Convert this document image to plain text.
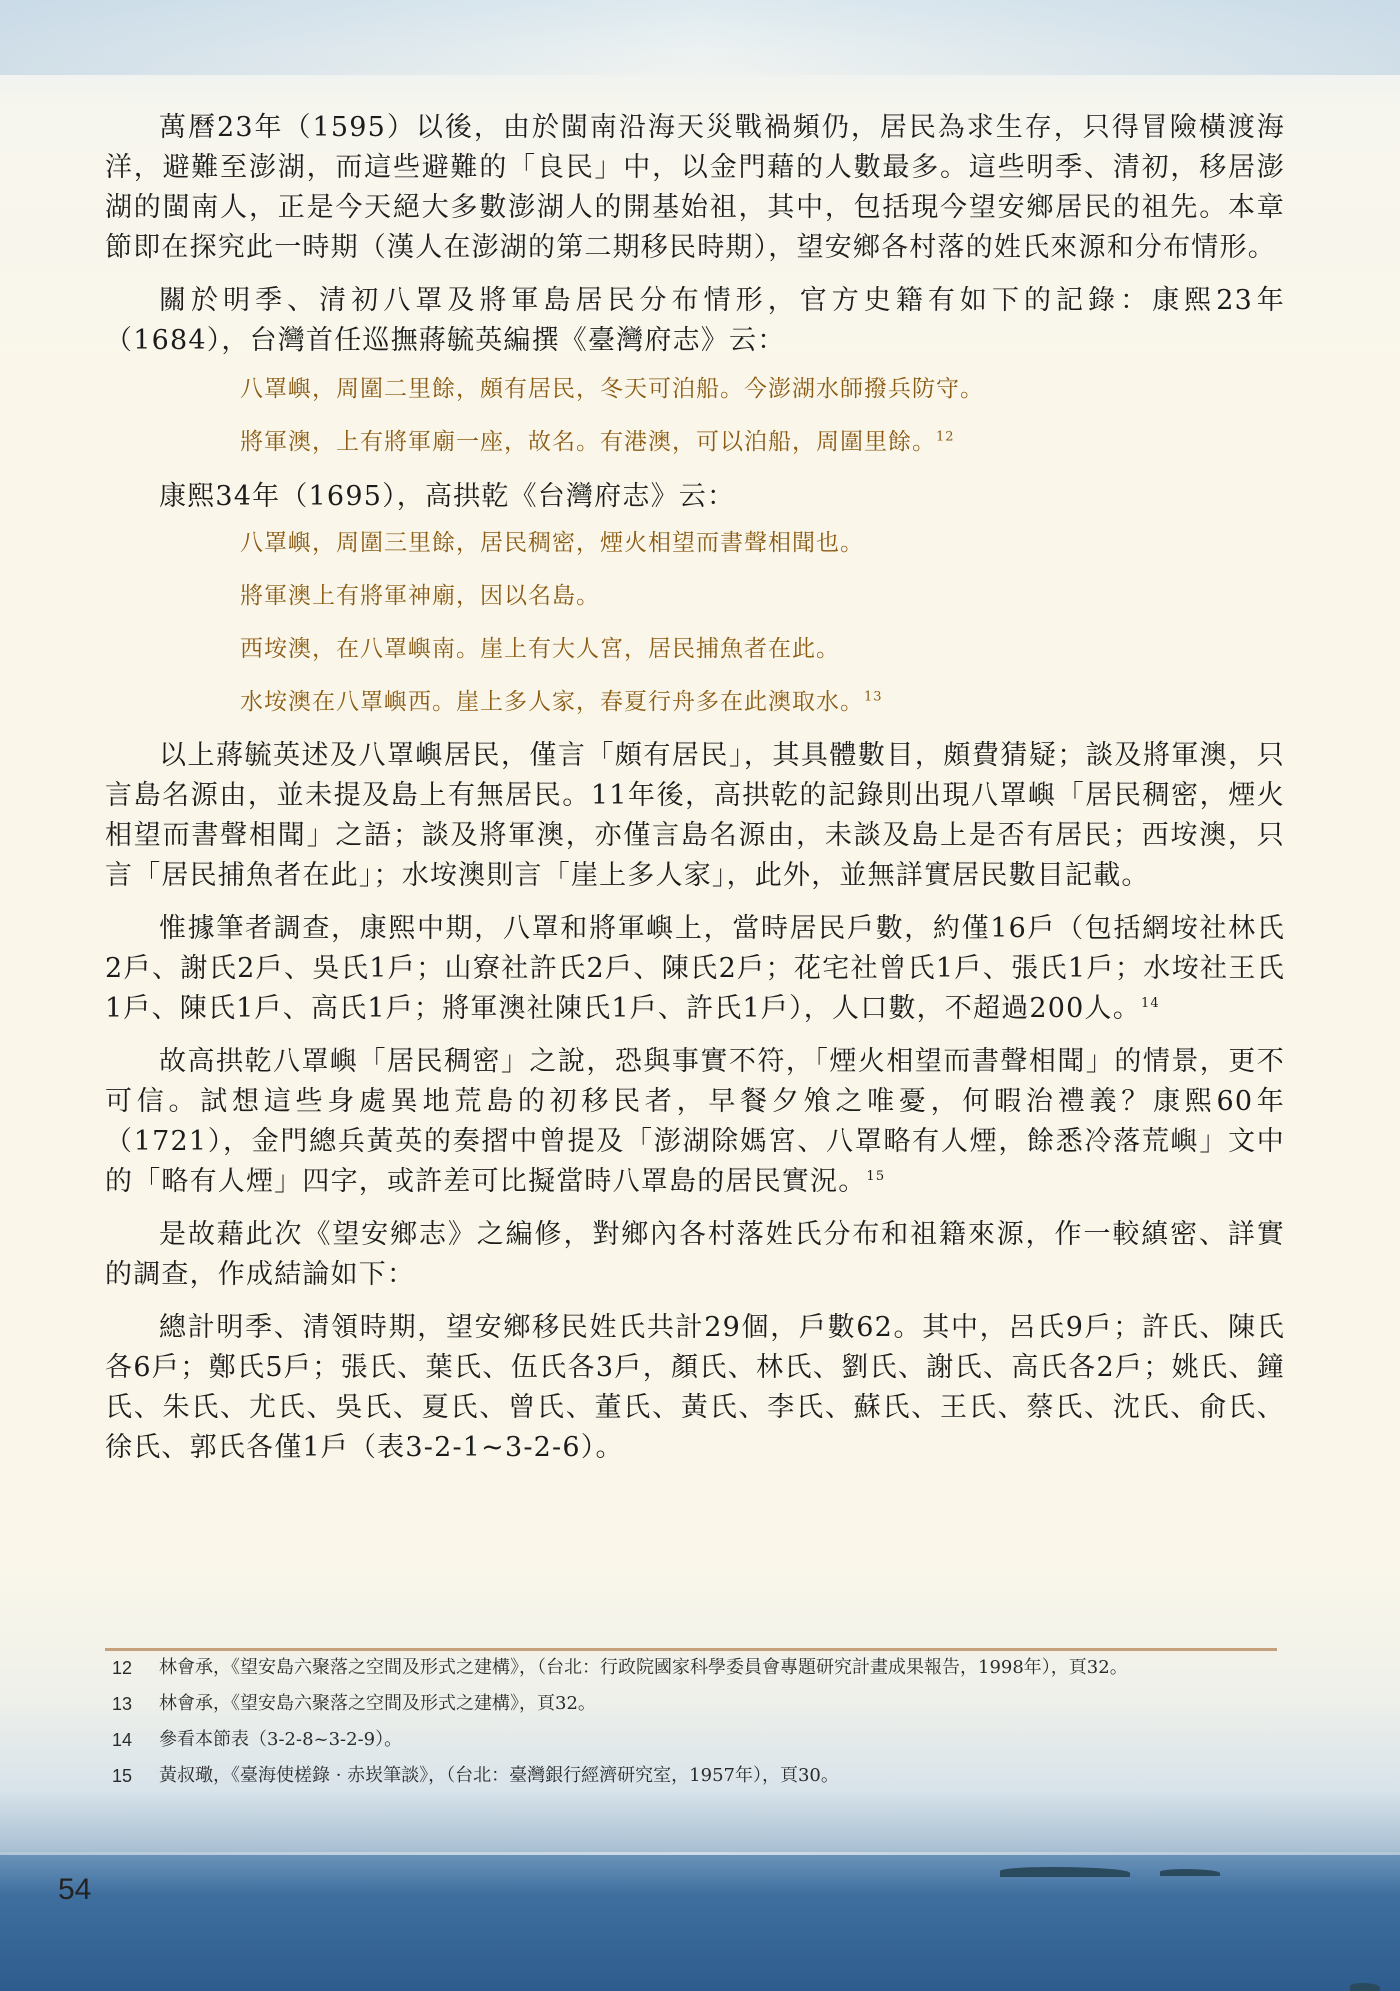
萬曆23年（1595）以後，由於閩南沿海天災戰禍頻仍，居民為求生存，只得冒險橫渡海洋，避難至澎湖，而這些避難的「良民」中，以金門藉的人數最多。這些明季、清初，移居澎湖的閩南人，正是今天絕大多數澎湖人的開基始祖，其中，包括現今望安鄉居民的祖先。本章節即在探究此一時期（漢人在澎湖的第二期移民時期），望安鄉各村落的姓氏來源和分布情形。

關於明季、清初八罩及將軍島居民分布情形，官方史籍有如下的記錄：康熙23年（1684），台灣首任巡撫蔣毓英編撰《臺灣府志》云：

八罩嶼，周圍二里餘，頗有居民，冬天可泊船。今澎湖水師撥兵防守。
將軍澳，上有將軍廟一座，故名。有港澳，可以泊船，周圍里餘。$^{12}$

康熙34年（1695），高拱乾《台灣府志》云：

八罩嶼，周圍三里餘，居民稠密，煙火相望而書聲相聞也。
將軍澳上有將軍神廟，因以名島。
西垵澳，在八罩嶼南。崖上有大人宮，居民捕魚者在此。
水垵澳在八罩嶼西。崖上多人家，春夏行舟多在此澳取水。$^{13}$

以上蔣毓英述及八罩嶼居民，僅言「頗有居民」，其具體數目，頗費猜疑；談及將軍澳，只言島名源由，並未提及島上有無居民。11年後，高拱乾的記錄則出現八罩嶼「居民稠密，煙火相望而書聲相聞」之語；談及將軍澳，亦僅言島名源由，未談及島上是否有居民；西垵澳，只言「居民捕魚者在此」；水垵澳則言「崖上多人家」，此外，並無詳實居民數目記載。

惟據筆者調查，康熙中期，八罩和將軍嶼上，當時居民戶數，約僅16戶（包括網垵社林氏2戶、謝氏2戶、吳氏1戶；山寮社許氏2戶、陳氏2戶；花宅社曾氏1戶、張氏1戶；水垵社王氏1戶、陳氏1戶、高氏1戶；將軍澳社陳氏1戶、許氏1戶），人口數，不超過200人。$^{14}$

故高拱乾八罩嶼「居民稠密」之說，恐與事實不符，「煙火相望而書聲相聞」的情景，更不可信。試想這些身處異地荒島的初移民者，早餐夕飧之唯憂，何暇治禮義？康熙60年（1721），金門總兵黃英的奏摺中曾提及「澎湖除媽宮、八罩略有人煙，餘悉冷落荒嶼」文中的「略有人煙」四字，或許差可比擬當時八罩島的居民實況。$^{15}$

是故藉此次《望安鄉志》之編修，對鄉內各村落姓氏分布和祖籍來源，作一較縝密、詳實的調查，作成結論如下：

總計明季、清領時期，望安鄉移民姓氏共計29個，戶數62。其中，呂氏9戶；許氏、陳氏各6戶；鄭氏5戶；張氏、葉氏、伍氏各3戶，顏氏、林氏、劉氏、謝氏、高氏各2戶；姚氏、鐘氏、朱氏、尤氏、吳氏、夏氏、曾氏、董氏、黃氏、李氏、蘇氏、王氏、蔡氏、沈氏、俞氏、徐氏、郭氏各僅1戶（表3-2-1~3-2-6）。

12	林會承，《望安島六聚落之空間及形式之建構》，（台北：行政院國家科學委員會專題研究計畫成果報告，1998年），頁32。
13	林會承，《望安島六聚落之空間及形式之建構》，頁32。
14	參看本節表（3-2-8~3-2-9）。
15	黃叔璥，《臺海使槎錄 · 赤崁筆談》，（台北：臺灣銀行經濟研究室，1957年），頁30。
54
